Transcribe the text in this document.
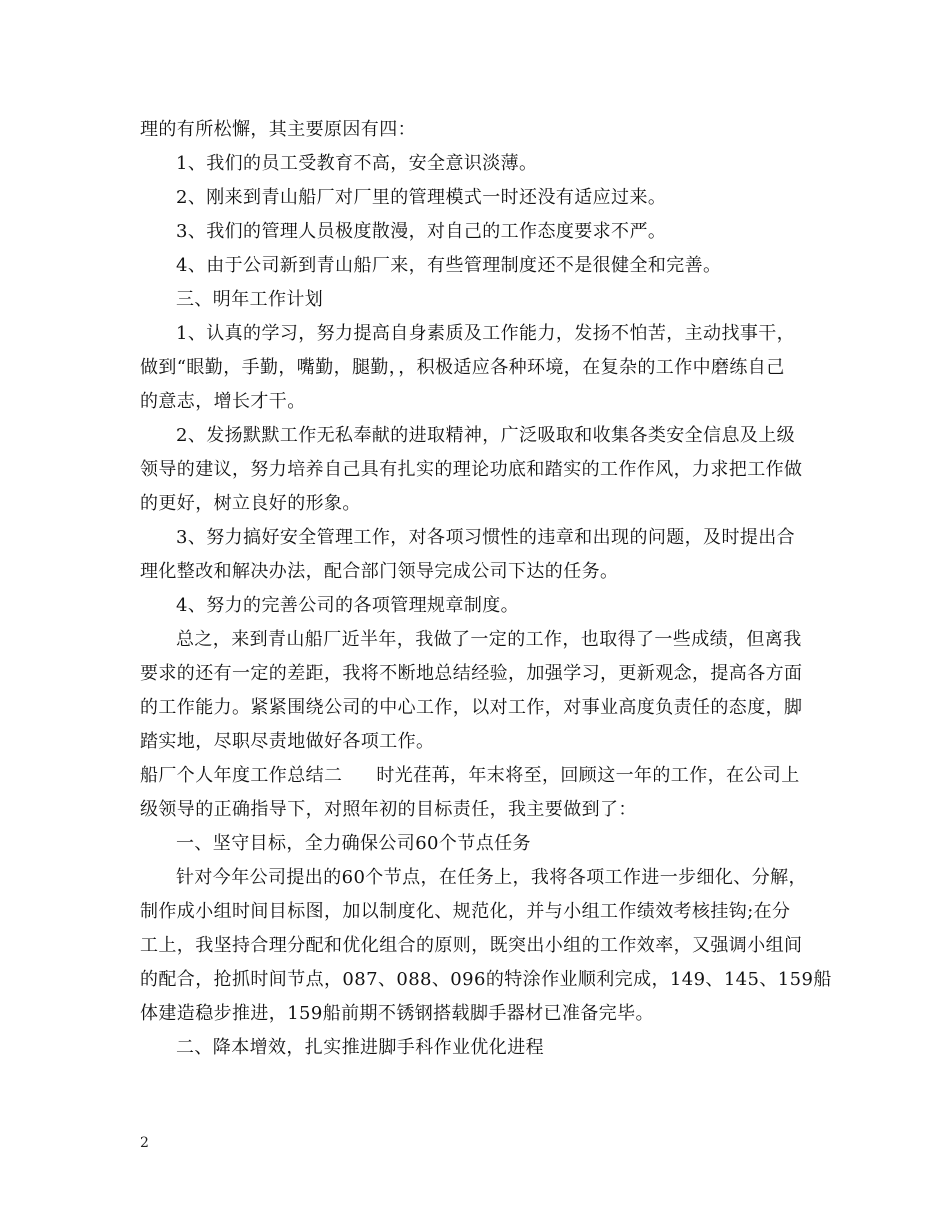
理的有所松懈，其主要原因有四：
1、我们的员工受教育不高，安全意识淡薄。
2、刚来到青山船厂对厂里的管理模式一时还没有适应过来。
3、我们的管理人员极度散漫，对自己的工作态度要求不严。
4、由于公司新到青山船厂来，有些管理制度还不是很健全和完善。
三、明年工作计划
1、认真的学习，努力提高自身素质及工作能力，发扬不怕苦，主动找事干，
做到“眼勤，手勤，嘴勤，腿勤，，积极适应各种环境，在复杂的工作中磨练自己
的意志，增长才干。
2、发扬默默工作无私奉献的进取精神，广泛吸取和收集各类安全信息及上级
领导的建议，努力培养自己具有扎实的理论功底和踏实的工作作风，力求把工作做
的更好，树立良好的形象。
3、努力搞好安全管理工作，对各项习惯性的违章和出现的问题，及时提出合
理化整改和解决办法，配合部门领导完成公司下达的任务。
4、努力的完善公司的各项管理规章制度。
总之，来到青山船厂近半年，我做了一定的工作，也取得了一些成绩，但离我
要求的还有一定的差距，我将不断地总结经验，加强学习，更新观念，提高各方面
的工作能力。紧紧围绕公司的中心工作，以对工作，对事业高度负责任的态度，脚
踏实地，尽职尽责地做好各项工作。
船厂个人年度工作总结二 时光荏苒，年末将至，回顾这一年的工作，在公司上
级领导的正确指导下，对照年初的目标责任，我主要做到了：
一、坚守目标，全力确保公司60个节点任务
针对今年公司提出的60个节点，在任务上，我将各项工作进一步细化、分解，
制作成小组时间目标图，加以制度化、规范化，并与小组工作绩效考核挂钩;在分
工上，我坚持合理分配和优化组合的原则，既突出小组的工作效率，又强调小组间
的配合，抢抓时间节点，087、088、096的特涂作业顺利完成，149、145、159船
体建造稳步推进，159船前期不锈钢搭载脚手器材已准备完毕。
二、降本增效，扎实推进脚手科作业优化进程
2
